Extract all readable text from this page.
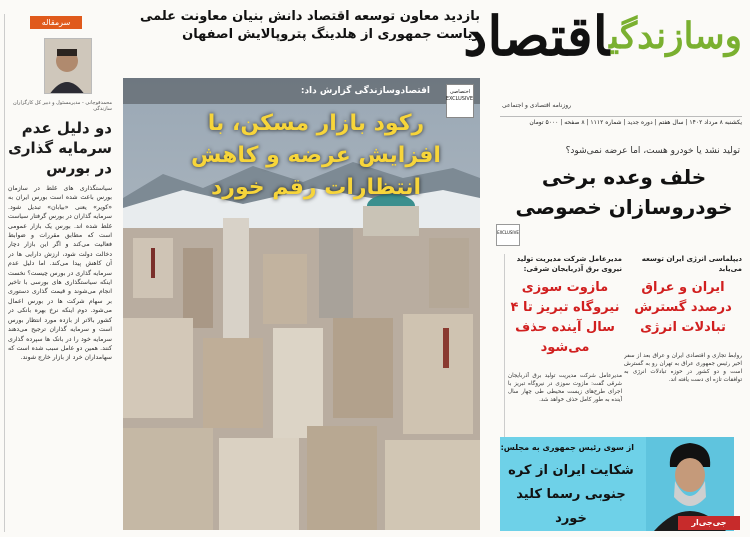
$^{وسازندگی}$اقتصاد
روزنامه اقتصادی و اجتماعی
یکشنبه ۸ مرداد ۱۴۰۲ | سال هفتم | دوره جدید | شماره ۱۱۱۲ | ۸ صفحه | ۵۰۰۰ تومان
بازدید معاون توسعه اقتصاد دانش بنیان معاونت علمی ریاست جمهوری از هلدینگ پتروپالایش اصفهان
سرمقاله
محمدقوچانی - مدیرمسئول و دبیر کل کارگزاران سازندگی
دو دلیل عدم سرمایه گذاری در بورس
سیاستگذاری های غلط در سازمان بورس باعث شده است بورس ایران به «کویر» یعنی «بیابان» تبدیل شود. سرمایه گذاران در بورس گرفتار سیاست غلط شده اند. بورس یک بازار عمومی است که مطابق مقررات و ضوابط فعالیت می‌کند و اگر این بازار دچار دخالت دولت شود، ارزش دارایی ها در آن کاهش پیدا می‌کند. اما دلیل عدم سرمایه گذاری در بورس چیست؟ نخست اینکه سیاستگذاری های بورسی با تاخیر انجام می‌شوند و قیمت گذاری دستوری بر سهام شرکت ها در بورس اعمال می‌شود. دوم اینکه نرخ بهره بانکی در کشور بالاتر از بازده مورد انتظار بورس است و سرمایه گذاران ترجیح می‌دهند سرمایه خود را در بانک ها سپرده گذاری کنند. همین دو عامل سبب شده است که سهامداران خرد از بازار خارج شوند.
اقتصادوسازندگی گزارش داد:	اختصاصی EXCLUSIVE
رکود بازار مسکن، با افزایش عرضه و کاهش انتظارات رقم خورد
تولید نشد یا خودرو هست، اما عرضه نمی‌شود؟
خلف وعده برخی خودروسازان خصوصی
EXCLUSIVE
دیپلماسی انرژی ایران توسعه می‌یابد
ایران و عراق درصدد گسترش تبادلات انرژی
روابط تجاری و اقتصادی ایران و عراق بعد از سفر اخیر رئیس جمهوری عراق به تهران رو به گسترش است و دو کشور در حوزه تبادلات انرژی به توافقات تازه ای دست یافته اند.
مدیرعامل شرکت مدیریت تولید نیروی برق آذربایجان شرقی:
مازوت سوزی نیروگاه تبریز تا ۴ سال آینده حذف می‌شود
مدیرعامل شرکت مدیریت تولید برق آذربایجان شرقی گفت: مازوت سوزی در نیروگاه تبریز با اجرای طرح‌های زیست محیطی طی چهار سال آینده به طور کامل حذف خواهد شد.
از سوی رئیس جمهوری به مجلس:
شکایت ایران از کره جنوبی رسما کلید خورد	جی‌جی‌ار
